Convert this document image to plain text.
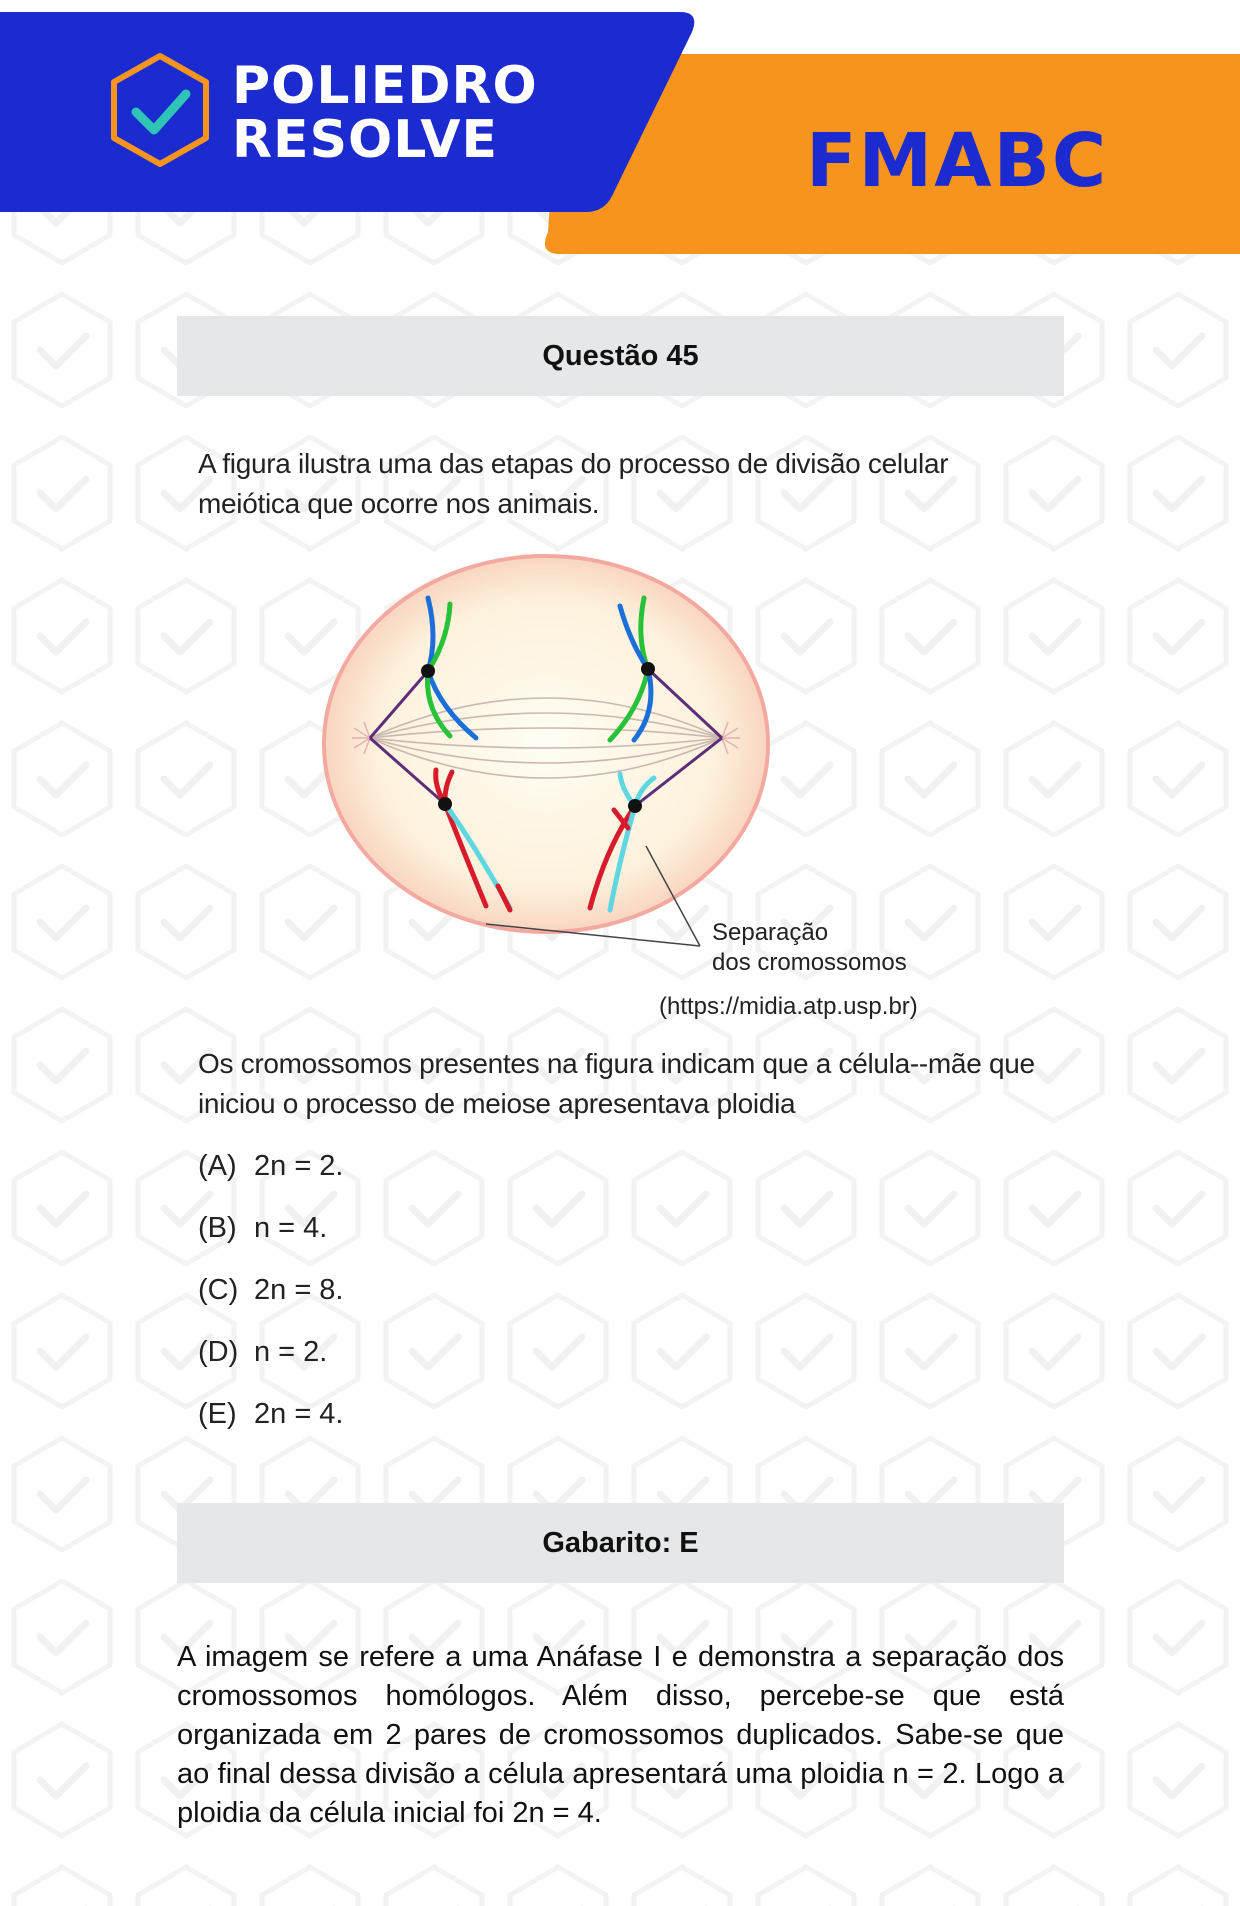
POLIEDRO
RESOLVE	FMABC
Questão 45
A figura ilustra uma das etapas do processo de divisão celular meiótica que ocorre nos animais.
Separação
dos cromossomos
(https://midia.atp.usp.br)
Os cromossomos presentes na figura indicam que a célula--mãe que iniciou o processo de meiose apresentava ploidia
(A) 2n = 2.
(B) n = 4.
(C) 2n = 8.
(D) n = 2.
(E) 2n = 4.
Gabarito: E
A imagem se refere a uma Anáfase I e demonstra a separação dos cromossomos homólogos. Além disso, percebe-se que está organizada em 2 pares de cromossomos duplicados. Sabe-se que ao final dessa divisão a célula apresentará uma ploidia n = 2. Logo a ploidia da célula inicial foi 2n = 4.
